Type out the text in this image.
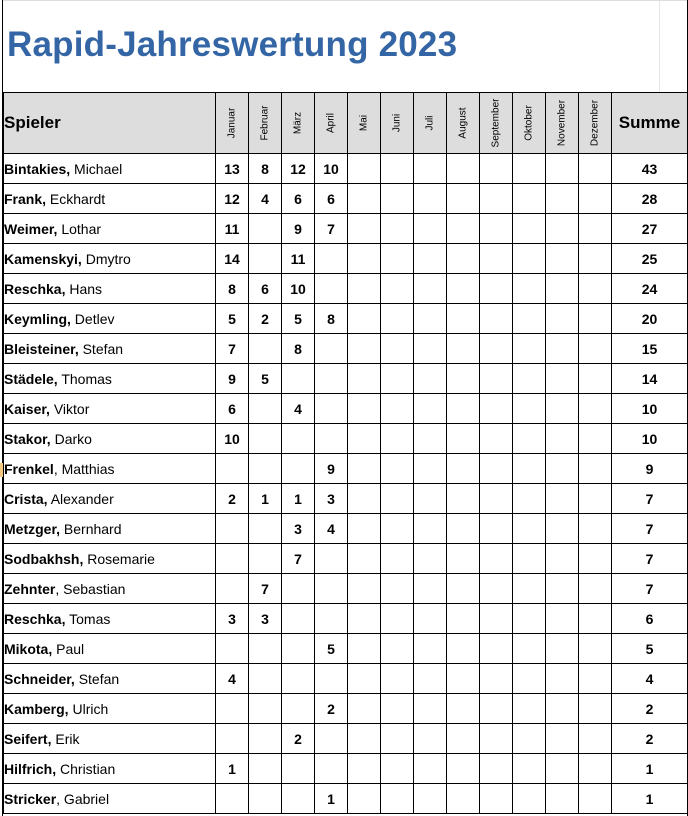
Rapid-Jahreswertung 2023
Spieler	Januar	Februar	März	April	Mai	Juni	Juli	August	September	Oktober	November	Dezember	Summe
Bintakies, Michael	13	8	12	10									43
Frank, Eckhardt	12	4	6	6									28
Weimer, Lothar	11		9	7									27
Kamenskyi, Dmytro	14		11										25
Reschka, Hans	8	6	10										24
Keymling, Detlev	5	2	5	8									20
Bleisteiner, Stefan	7		8										15
Städele, Thomas	9	5											14
Kaiser, Viktor	6		4										10
Stakor, Darko	10												10
Frenkel, Matthias				9									9
Crista, Alexander	2	1	1	3									7
Metzger, Bernhard			3	4									7
Sodbakhsh, Rosemarie			7										7
Zehnter, Sebastian		7											7
Reschka, Tomas	3	3											6
Mikota, Paul				5									5
Schneider, Stefan	4												4
Kamberg, Ulrich				2									2
Seifert, Erik			2										2
Hilfrich, Christian	1												1
Stricker, Gabriel				1									1
